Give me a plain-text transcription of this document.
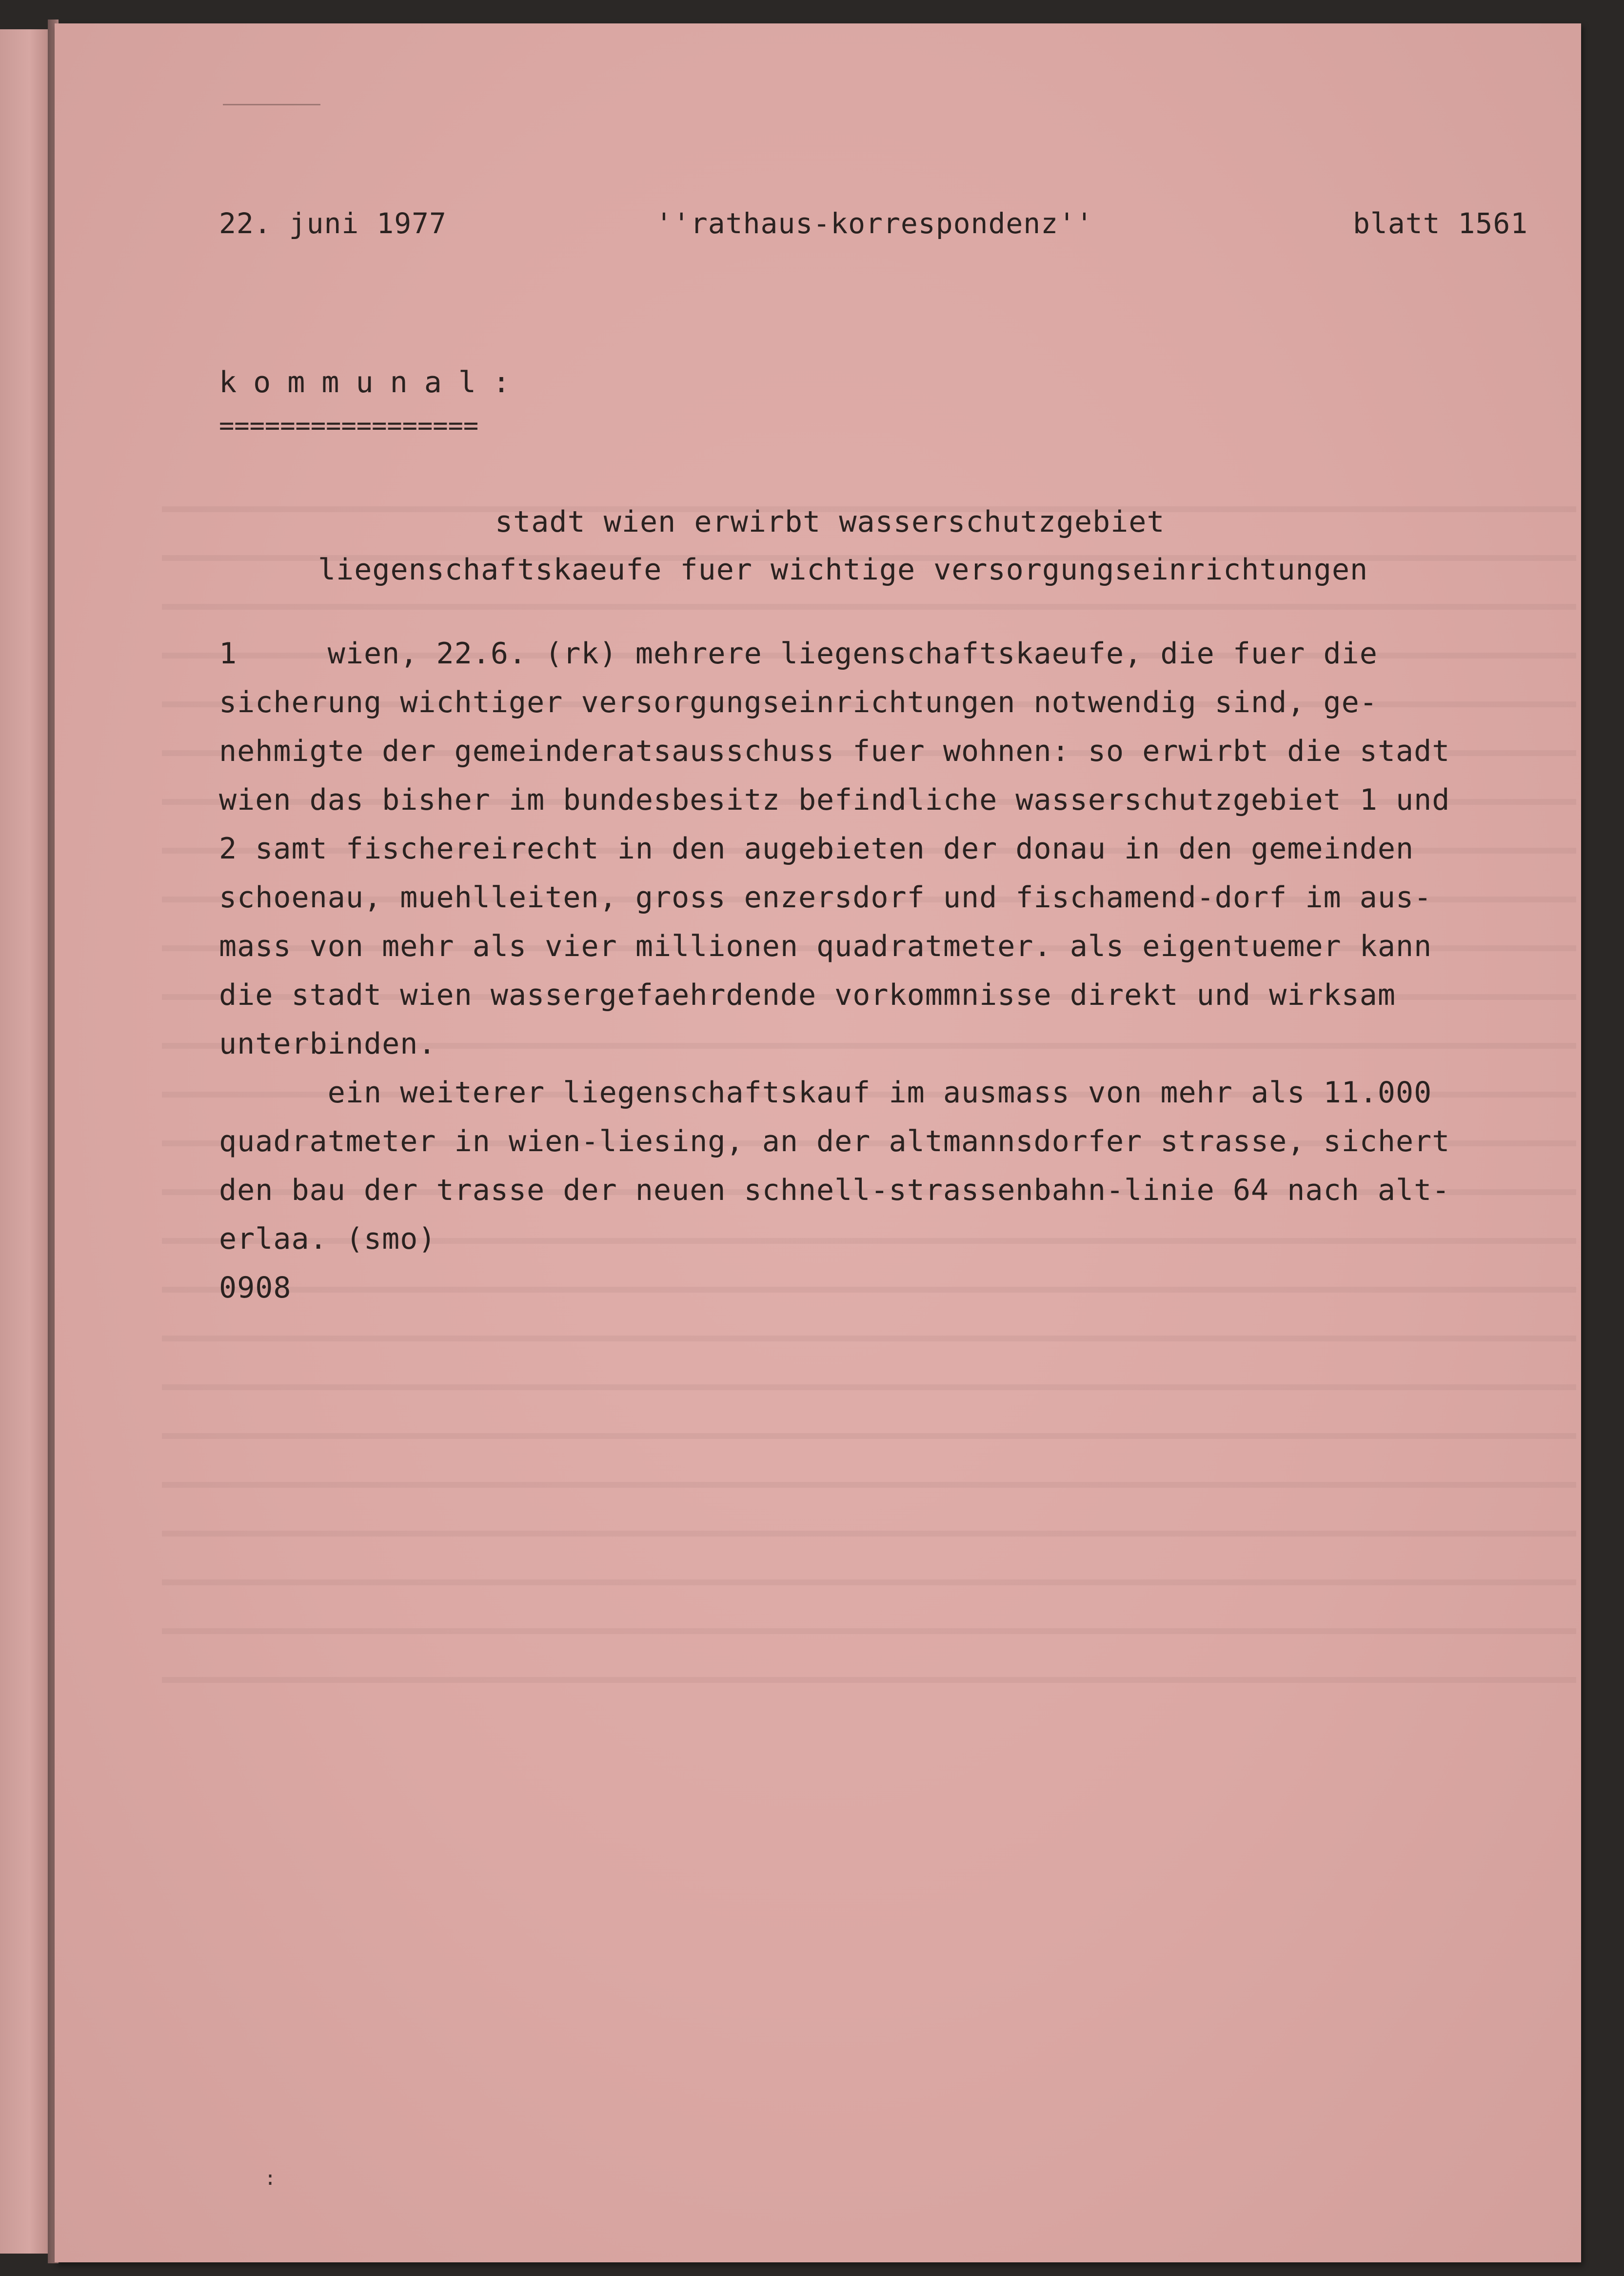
22. juni 1977	''rathaus-korrespondenz''	blatt 1561
kommunal:
=================
stadt wien erwirbt wasserschutzgebiet
liegenschaftskaeufe fuer wichtige versorgungseinrichtungen
1     wien, 22.6. (rk) mehrere liegenschaftskaeufe, die fuer die
sicherung wichtiger versorgungseinrichtungen notwendig sind, ge-
nehmigte der gemeinderatsausschuss fuer wohnen: so erwirbt die stadt
wien das bisher im bundesbesitz befindliche wasserschutzgebiet 1 und
2 samt fischereirecht in den augebieten der donau in den gemeinden
schoenau, muehlleiten, gross enzersdorf und fischamend-dorf im aus-
mass von mehr als vier millionen quadratmeter. als eigentuemer kann
die stadt wien wassergefaehrdende vorkommnisse direkt und wirksam
unterbinden.
ein weiterer liegenschaftskauf im ausmass von mehr als 11.000
quadratmeter in wien-liesing, an der altmannsdorfer strasse, sichert
den bau der trasse der neuen schnell-strassenbahn-linie 64 nach alt-
erlaa. (smo)
0908
:
